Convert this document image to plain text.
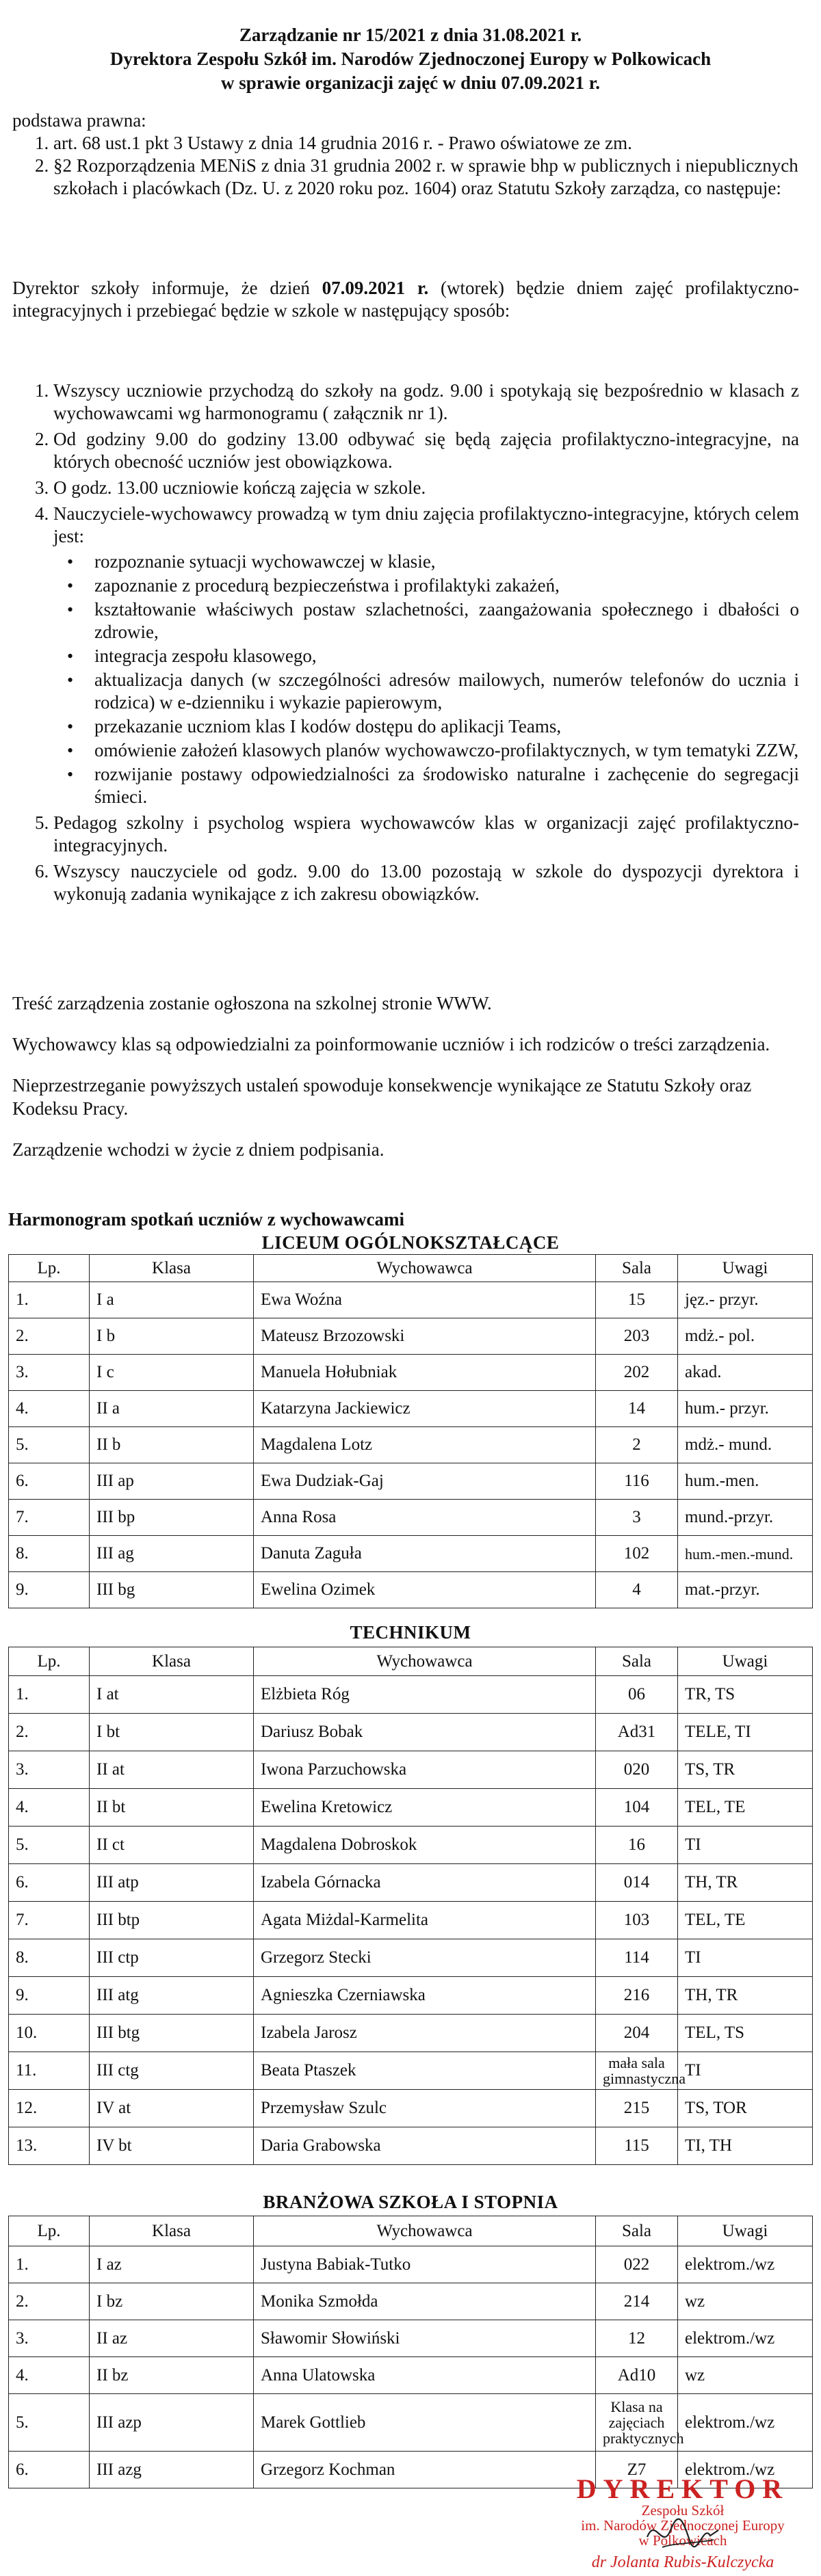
Zarządzanie nr 15/2021 z dnia 31.08.2021 r.
Dyrektora Zespołu Szkół im. Narodów Zjednoczonej Europy w Polkowicach
w sprawie organizacji zajęć w dniu 07.09.2021 r.
podstawa prawna:
1. art. 68 ust.1 pkt 3 Ustawy z dnia 14 grudnia 2016 r. - Prawo oświatowe ze zm.
2. §2 Rozporządzenia MENiS z dnia 31 grudnia 2002 r. w sprawie bhp w publicznych i niepublicznych szkołach i placówkach (Dz. U. z 2020 roku poz. 1604) oraz Statutu Szkoły zarządza, co następuje:
Dyrektor szkoły informuje, że dzień 07.09.2021 r. (wtorek) będzie dniem zajęć profilaktyczno-integracyjnych i przebiegać będzie w szkole w następujący sposób:
1. Wszyscy uczniowie przychodzą do szkoły na godz. 9.00 i spotykają się bezpośrednio w klasach z wychowawcami wg harmonogramu ( załącznik nr 1).
2. Od godziny 9.00 do godziny 13.00 odbywać się będą zajęcia profilaktyczno-integracyjne, na których obecność uczniów jest obowiązkowa.
3. O godz. 13.00 uczniowie kończą zajęcia w szkole.
4. Nauczyciele-wychowawcy prowadzą w tym dniu zajęcia profilaktyczno-integracyjne, których celem jest:
• rozpoznanie sytuacji wychowawczej w klasie,
• zapoznanie z procedurą bezpieczeństwa i profilaktyki zakażeń,
• kształtowanie właściwych postaw szlachetności, zaangażowania społecznego i dbałości o zdrowie,
• integracja zespołu klasowego,
• aktualizacja danych (w szczególności adresów mailowych, numerów telefonów do ucznia i rodzica) w e-dzienniku i wykazie papierowym,
• przekazanie uczniom klas I kodów dostępu do aplikacji Teams,
• omówienie założeń klasowych planów wychowawczo-profilaktycznych, w tym tematyki ZZW,
• rozwijanie postawy odpowiedzialności za środowisko naturalne i zachęcenie do segregacji śmieci.
5. Pedagog szkolny i psycholog wspiera wychowawców klas w organizacji zajęć profilaktyczno-integracyjnych.
6. Wszyscy nauczyciele od godz. 9.00 do 13.00 pozostają w szkole do dyspozycji dyrektora i wykonują zadania wynikające z ich zakresu obowiązków.

Treść zarządzenia zostanie ogłoszona na szkolnej stronie WWW.

Wychowawcy klas są odpowiedzialni za poinformowanie uczniów i ich rodziców o treści zarządzenia.

Nieprzestrzeganie powyższych ustaleń spowoduje konsekwencje wynikające ze Statutu Szkoły oraz Kodeksu Pracy.

Zarządzenie wchodzi w życie z dniem podpisania.

Harmonogram spotkań uczniów z wychowawcami
LICEUM OGÓLNOKSZTAŁCĄCE
Lp.	Klasa	Wychowawca	Sala	Uwagi
1.	I a	Ewa Woźna	15	jęz.- przyr.
2.	I b	Mateusz Brzozowski	203	mdż.- pol.
3.	I c	Manuela Hołubniak	202	akad.
4.	II a	Katarzyna Jackiewicz	14	hum.- przyr.
5.	II b	Magdalena Lotz	2	mdż.- mund.
6.	III ap	Ewa Dudziak-Gaj	116	hum.-men.
7.	III bp	Anna Rosa	3	mund.-przyr.
8.	III ag	Danuta Zaguła	102	hum.-men.-mund.
9.	III bg	Ewelina Ozimek	4	mat.-przyr.
TECHNIKUM
Lp.	Klasa	Wychowawca	Sala	Uwagi
1.	I at	Elżbieta Róg	06	TR, TS
2.	I bt	Dariusz Bobak	Ad31	TELE, TI
3.	II at	Iwona Parzuchowska	020	TS, TR
4.	II bt	Ewelina Kretowicz	104	TEL, TE
5.	II ct	Magdalena Dobroskok	16	TI
6.	III atp	Izabela Górnacka	014	TH, TR
7.	III btp	Agata Miżdal-Karmelita	103	TEL, TE
8.	III ctp	Grzegorz Stecki	114	TI
9.	III atg	Agnieszka Czerniawska	216	TH, TR
10.	III btg	Izabela Jarosz	204	TEL, TS
11.	III ctg	Beata Ptaszek	mała sala gimnastyczna	TI
12.	IV at	Przemysław Szulc	215	TS, TOR
13.	IV bt	Daria Grabowska	115	TI, TH
BRANŻOWA SZKOŁA I STOPNIA
Lp.	Klasa	Wychowawca	Sala	Uwagi
1.	I az	Justyna Babiak-Tutko	022	elektrom./wz
2.	I bz	Monika Szmołda	214	wz
3.	II az	Sławomir Słowiński	12	elektrom./wz
4.	II bz	Anna Ulatowska	Ad10	wz
5.	III azp	Marek Gottlieb	Klasa na zajęciach praktycznych	elektrom./wz
6.	III azg	Grzegorz Kochman	Z7	elektrom./wz
DYREKTOR
Zespołu Szkół
im. Narodów Zjednoczonej Europy
w Polkowicach
dr Jolanta Rubis-Kulczycka
